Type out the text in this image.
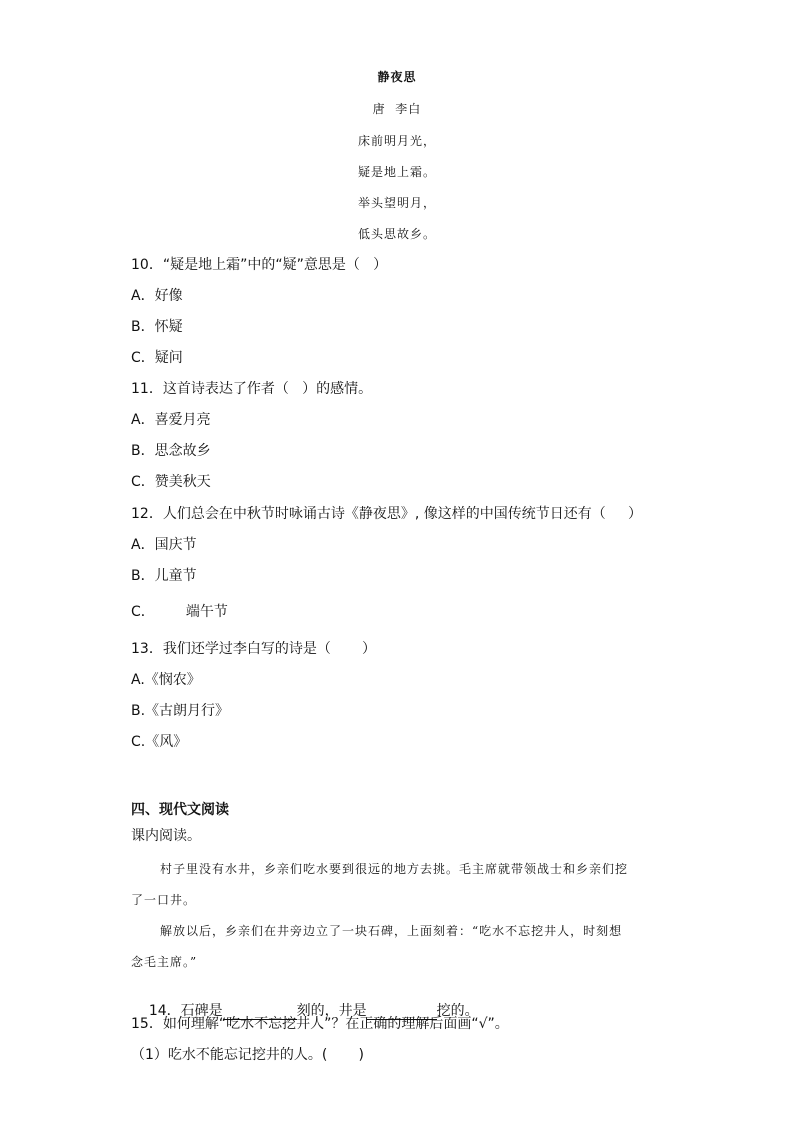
静夜思
唐  李白
床前明月光，
疑是地上霜。
举头望明月，
低头思故乡。
10．“疑是地上霜”中的“疑”意思是（   ）
A．好像
B．怀疑
C．疑问
11．这首诗表达了作者（   ）的感情。
A．喜爱月亮
B．思念故乡
C．赞美秋天
12．人们总会在中秋节时咏诵古诗《静夜思》, 像这样的中国传统节日还有（     ）
A．国庆节
B．儿童节
C．       端午节
13．我们还学过李白写的诗是（       ）
A.《悯农》
B.《古朗月行》
C.《风》
四、现代文阅读
课内阅读。
村子里没有水井，乡亲们吃水要到很远的地方去挑。毛主席就带领战士和乡亲们挖
了一口井。
解放以后，乡亲们在井旁边立了一块石碑，上面刻着：“吃水不忘挖井人，时刻想
念毛主席。”

14．石碑是	刻的，井是	挖的。

15．如何理解“吃水不忘挖井人”？在正确的理解后面画“√”。
（1）吃水不能忘记挖井的人。(       )
